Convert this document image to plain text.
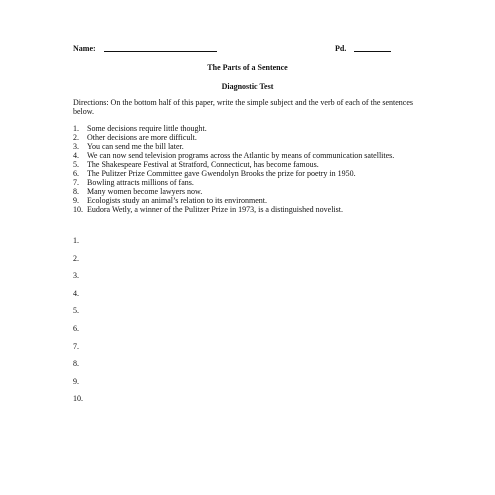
Name:	Pd.
The Parts of a Sentence
Diagnostic Test
Directions: On the bottom half of this paper, write the simple subject and the verb of each of the sentences below.
1.	Some decisions require little thought.
2.	Other decisions are more difficult.
3.	You can send me the bill later.
4.	We can now send television programs across the Atlantic by means of communication satellites.
5.	The Shakespeare Festival at Stratford, Connecticut, has become famous.
6.	The Pulitzer Prize Committee gave Gwendolyn Brooks the prize for poetry in 1950.
7.	Bowling attracts millions of fans.
8.	Many women become lawyers now.
9.	Ecologists study an animal’s relation to its environment.
10. Eudora Wetly, a winner of the Pulitzer Prize in 1973, is a distinguished novelist.
1.
2.
3.
4.
5.
6.
7.
8.
9.
10.
